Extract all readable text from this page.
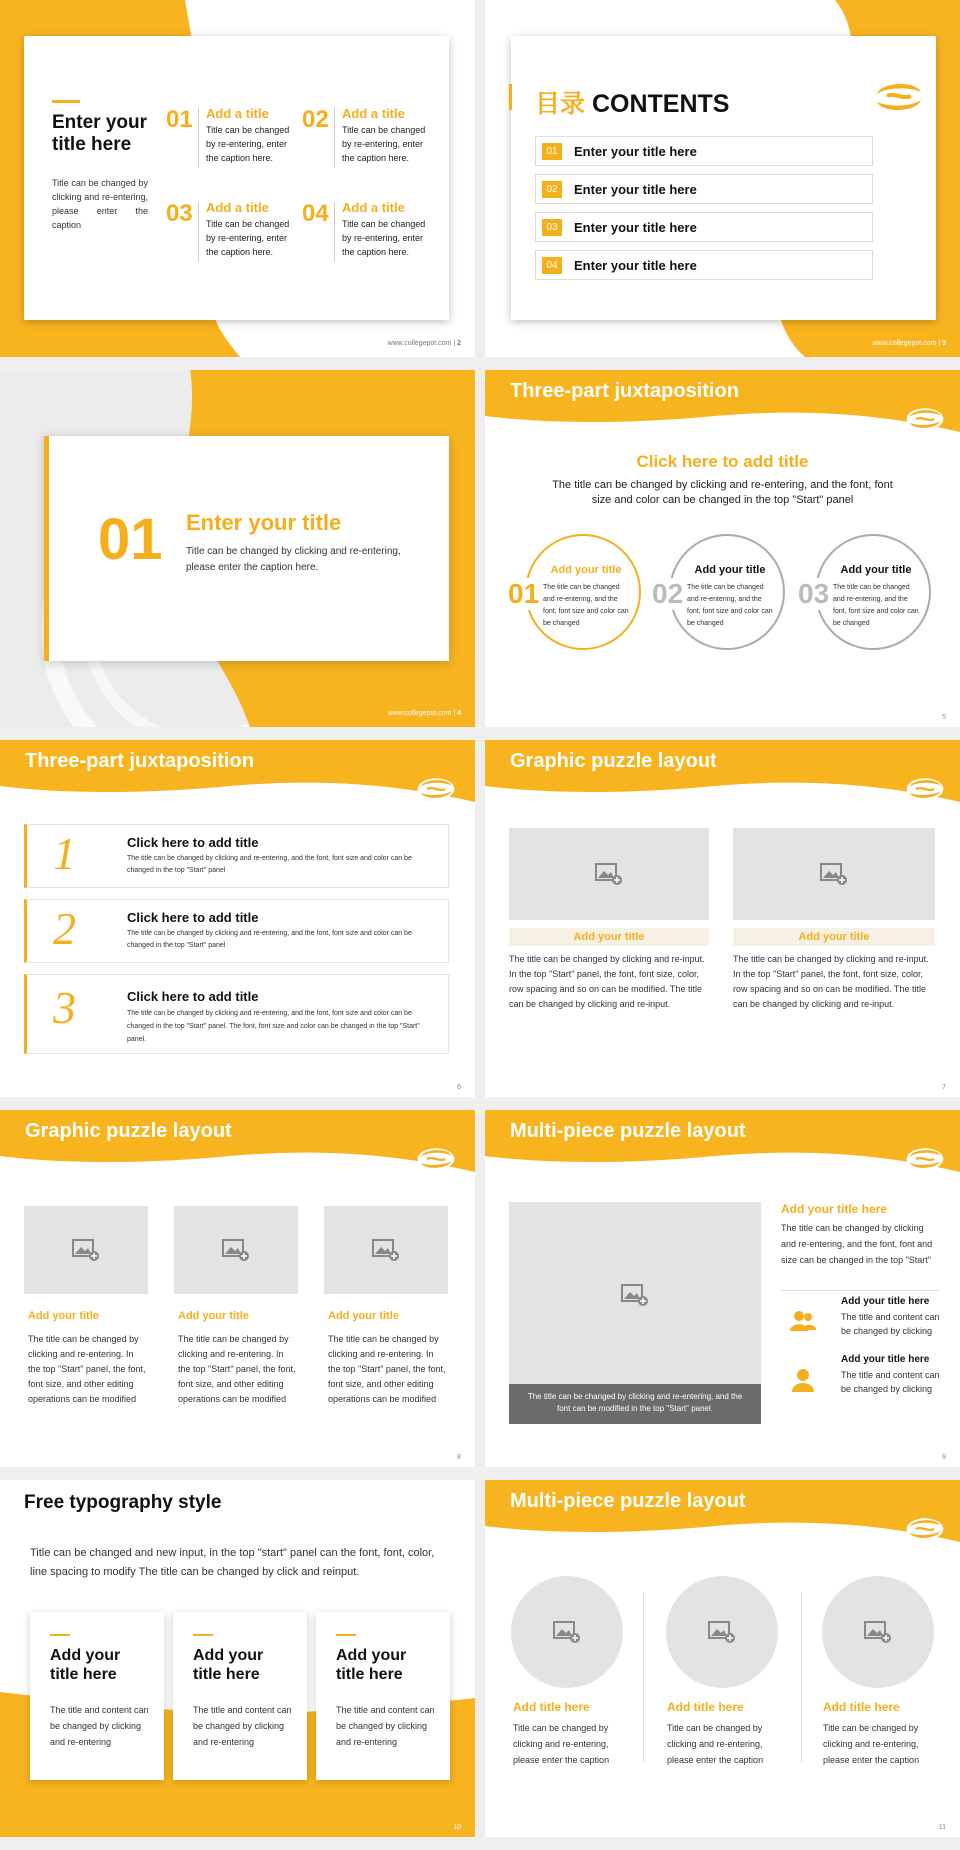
Enter your title here
Title can be changed by clicking and re-entering, please enter the caption
01 Add a title
Title can be changed by re-entering, enter the caption here.
02 Add a title
Title can be changed by re-entering, enter the caption here.
03 Add a title
Title can be changed by re-entering, enter the caption here.
04 Add a title
Title can be changed by re-entering, enter the caption here.
www.collegepot.com | 2
目录 CONTENTS
01	Enter your title here
02	Enter your title here
03	Enter your title here
04	Enter your title here
www.collegepot.com | 3
01 Enter your title
Title can be changed by clicking and re-entering, please enter the caption here.
www.collegepot.com | 4
Three-part juxtaposition
Click here to add title
The title can be changed by clicking and re-entering, and the font, font size and color can be changed in the top "Start" panel
01
Add your title
The title can be changed and re-entering, and the font, font size and color can be changed
02
Add your title
The title can be changed and re-entering, and the font, font size and color can be changed
03
Add your title
The title can be changed and re-entering, and the font, font size and color can be changed
5
Three-part juxtaposition
1	Click here to add title
The title can be changed by clicking and re-entering, and the font, font size and color can be changed in the top "Start" panel
2	Click here to add title
The title can be changed by clicking and re-entering, and the font, font size and color can be changed in the top "Start" panel
3	Click here to add title
The title can be changed by clicking and re-entering, and the font, font size and color can be changed in the top "Start" panel. The font, font size and color can be changed in the top "Start" panel.
6
Graphic puzzle layout
Add your title
The title can be changed by clicking and re-input. In the top "Start" panel, the font, font size, color, row spacing and so on can be modified. The title can be changed by clicking and re-input.
Add your title
The title can be changed by clicking and re-input. In the top "Start" panel, the font, font size, color, row spacing and so on can be modified. The title can be changed by clicking and re-input.
7
Graphic puzzle layout
Add your title
The title can be changed by clicking and re-entering. In the top "Start" panel, the font, font size, and other editing operations can be modified
Add your title
The title can be changed by clicking and re-entering. In the top "Start" panel, the font, font size, and other editing operations can be modified
Add your title
The title can be changed by clicking and re-entering. In the top "Start" panel, the font, font size, and other editing operations can be modified
8
Multi-piece puzzle layout
The title can be changed by clicking and re-entering, and the font can be modified in the top "Start" panel.
Add your title here
The title can be changed by clicking and re-entering, and the font, font and size can be changed in the top "Start"
Add your title here
The title and content can be changed by clicking
Add your title here
The title and content can be changed by clicking
9
Free typography style
Title can be changed and new input, in the top "start" panel can the font, font, color, line spacing to modify The title can be changed by click and reinput.
Add your title here
The title and content can be changed by clicking and re-entering
Add your title here
The title and content can be changed by clicking and re-entering
Add your title here
The title and content can be changed by clicking and re-entering
10
Multi-piece puzzle layout
Add title here
Title can be changed by clicking and re-entering, please enter the caption
Add title here
Title can be changed by clicking and re-entering, please enter the caption
Add title here
Title can be changed by clicking and re-entering, please enter the caption
11
